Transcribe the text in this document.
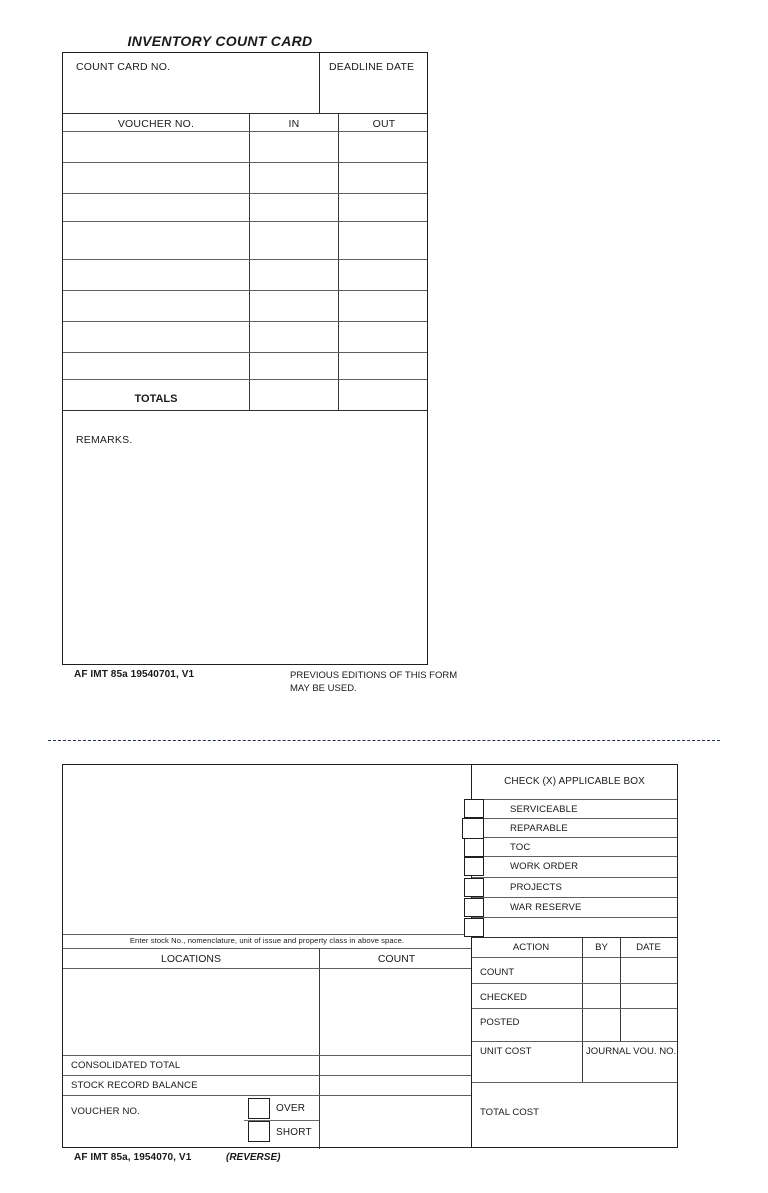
INVENTORY COUNT CARD
COUNT CARD NO.	DEADLINE DATE
VOUCHER NO.	IN	OUT
TOTALS
REMARKS.
AF IMT 85a 19540701, V1	PREVIOUS EDITIONS OF THIS FORM MAY BE USED.
Enter stock No., nomenclature, unit of issue and property class in above space.
LOCATIONS	COUNT
CONSOLIDATED TOTAL
STOCK RECORD BALANCE
VOUCHER NO.	OVER
SHORT
CHECK (X) APPLICABLE BOX
SERVICEABLE
REPARABLE
TOC
WORK ORDER
PROJECTS
WAR RESERVE
ACTION	BY	DATE
COUNT
CHECKED
POSTED
UNIT COST	JOURNAL VOU. NO.
TOTAL COST
AF IMT 85a, 1954070, V1	(REVERSE)
